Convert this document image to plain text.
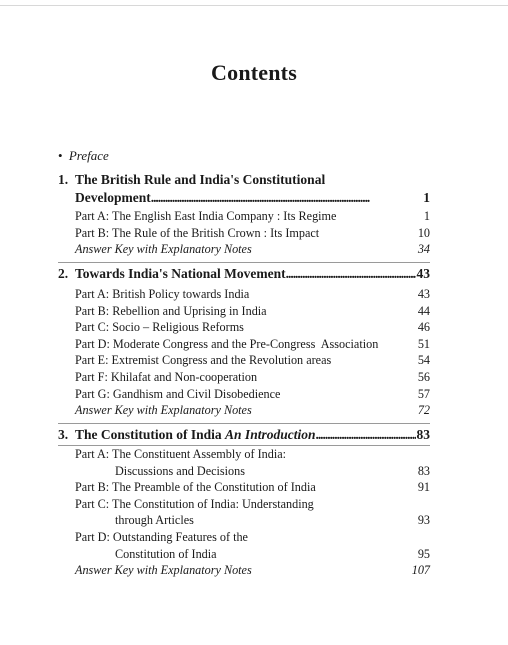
Contents
• Preface
1. The British Rule and India's Constitutional
Development . . .	1
Part A: The English East India Company : Its Regime	1
Part B: The Rule of the British Crown : Its Impact	10
Answer Key with Explanatory Notes	34
2. Towards India's National Movement . . .	43
Part A: British Policy towards India	43
Part B: Rebellion and Uprising in India	44
Part C: Socio – Religious Reforms	46
Part D: Moderate Congress and the Pre-Congress  Association	51
Part E: Extremist Congress and the Revolution areas	54
Part F: Khilafat and Non-cooperation	56
Part G: Gandhism and Civil Disobedience	57
Answer Key with Explanatory Notes	72
3. The Constitution of India An Introduction . . .	83
Part A: The Constituent Assembly of India:
Discussions and Decisions	83
Part B: The Preamble of the Constitution of India	91
Part C: The Constitution of India: Understanding
through Articles	93
Part D: Outstanding Features of the
Constitution of India	95
Answer Key with Explanatory Notes	107
